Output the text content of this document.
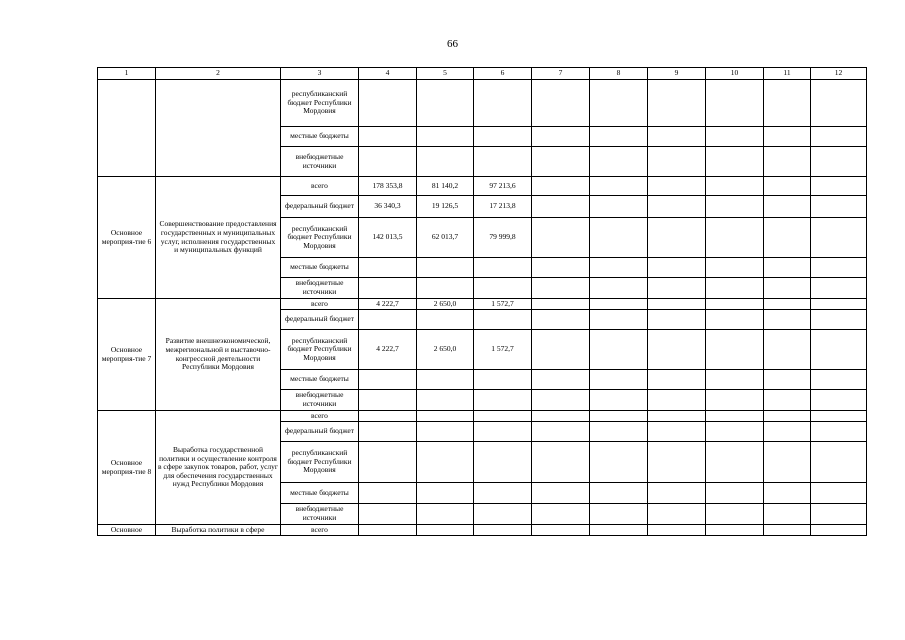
66
1	2	3	4	5	6	7	8	9	10	11	12
		республиканский бюджет Республики Мордовия									
		местные бюджеты									
		внебюджетные источники									
Основное мероприя-тие 6	Совершенствование предоставления государственных и муниципальных услуг, исполнения государственных и муниципальных функций	всего	178 353,8	81 140,2	97 213,6						
		федеральный бюджет	36 340,3	19 126,5	17 213,8						
		республиканский бюджет Республики Мордовия	142 013,5	62 013,7	79 999,8						
		местные бюджеты									
		внебюджетные источники									
Основное мероприя-тие 7	Развитие внешнеэкономической, межрегиональной и выставочно-конгрессной деятельности Республики Мордовия	всего	4 222,7	2 650,0	1 572,7						
		федеральный бюджет									
		республиканский бюджет Республики Мордовия	4 222,7	2 650,0	1 572,7						
		местные бюджеты									
		внебюджетные источники									
Основное мероприя-тие 8	Выработка государственной политики и осуществление контроля в сфере закупок товаров, работ, услуг для обеспечения государственных нужд Республики Мордовия	всего									
		федеральный бюджет									
		республиканский бюджет Республики Мордовия									
		местные бюджеты									
		внебюджетные источники									
Основное	Выработка политики в сфере	всего									
